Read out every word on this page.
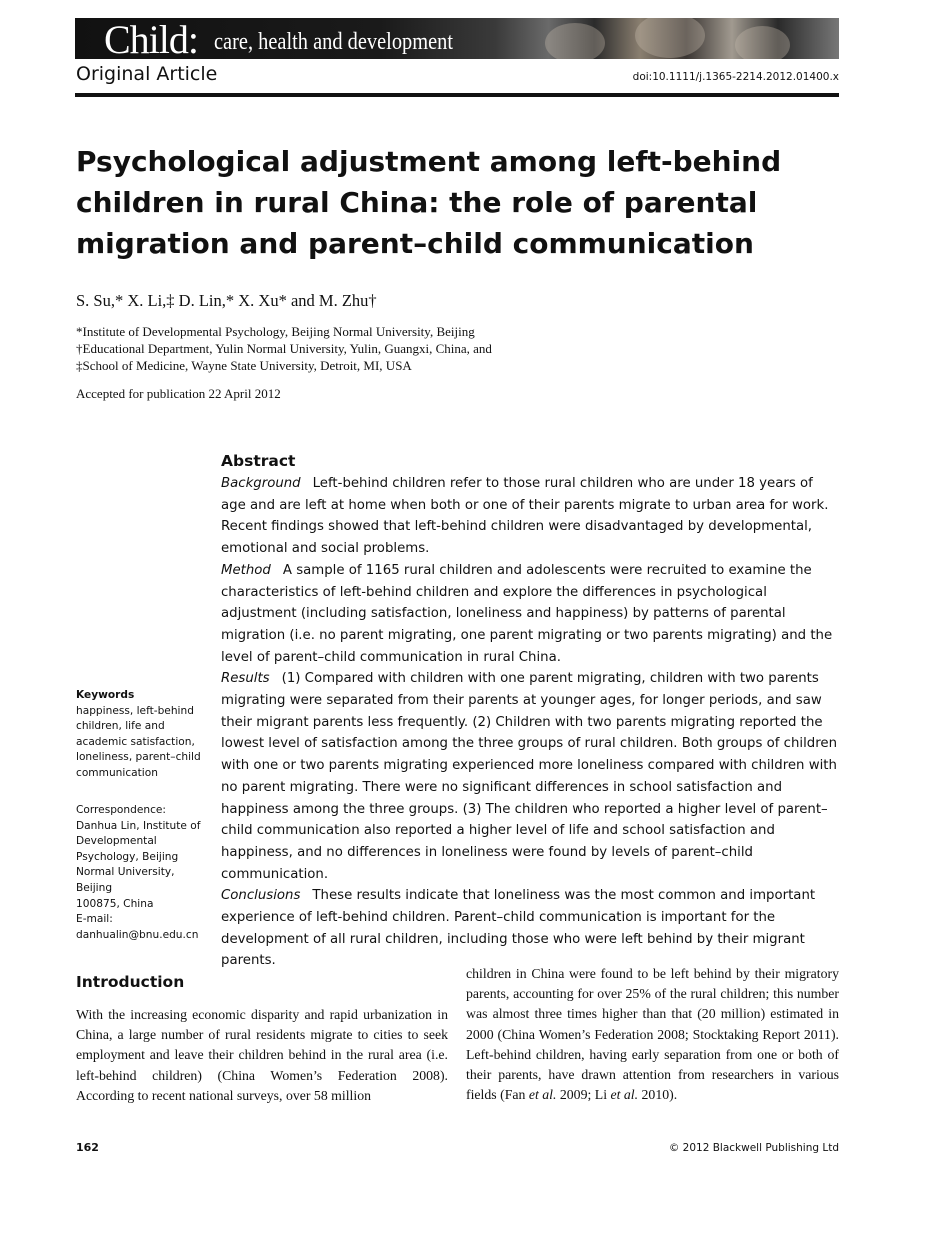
Child: care, health and development
Original Article	doi:10.1111/j.1365-2214.2012.01400.x
Psychological adjustment among left-behind children in rural China: the role of parental migration and parent–child communication
S. Su,* X. Li,‡ D. Lin,* X. Xu* and M. Zhu†
*Institute of Developmental Psychology, Beijing Normal University, Beijing
†Educational Department, Yulin Normal University, Yulin, Guangxi, China, and
‡School of Medicine, Wayne State University, Detroit, MI, USA
Accepted for publication 22 April 2012
Abstract
Background Left-behind children refer to those rural children who are under 18 years of age and are left at home when both or one of their parents migrate to urban area for work. Recent findings showed that left-behind children were disadvantaged by developmental, emotional and social problems.
Method A sample of 1165 rural children and adolescents were recruited to examine the characteristics of left-behind children and explore the differences in psychological adjustment (including satisfaction, loneliness and happiness) by patterns of parental migration (i.e. no parent migrating, one parent migrating or two parents migrating) and the level of parent–child communication in rural China.
Results (1) Compared with children with one parent migrating, children with two parents migrating were separated from their parents at younger ages, for longer periods, and saw their migrant parents less frequently. (2) Children with two parents migrating reported the lowest level of satisfaction among the three groups of rural children. Both groups of children with one or two parents migrating experienced more loneliness compared with children with no parent migrating. There were no significant differences in school satisfaction and happiness among the three groups. (3) The children who reported a higher level of parent–child communication also reported a higher level of life and school satisfaction and happiness, and no differences in loneliness were found by levels of parent–child communication.
Conclusions These results indicate that loneliness was the most common and important experience of left-behind children. Parent–child communication is important for the development of all rural children, including those who were left behind by their migrant parents.
Keywords
happiness, left-behind children, life and academic satisfaction, loneliness, parent–child communication
Correspondence:
Danhua Lin, Institute of
Developmental
Psychology, Beijing
Normal University, Beijing
100875, China
E-mail:
danhualin@bnu.edu.cn
Introduction
With the increasing economic disparity and rapid urbanization in China, a large number of rural residents migrate to cities to seek employment and leave their children behind in the rural area (i.e. left-behind children) (China Women’s Federation 2008). According to recent national surveys, over 58 million
children in China were found to be left behind by their migratory parents, accounting for over 25% of the rural children; this number was almost three times higher than that (20 million) estimated in 2000 (China Women’s Federation 2008; Stocktaking Report 2011). Left-behind children, having early separation from one or both of their parents, have drawn attention from researchers in various fields (Fan et al. 2009; Li et al. 2010).
162	© 2012 Blackwell Publishing Ltd
